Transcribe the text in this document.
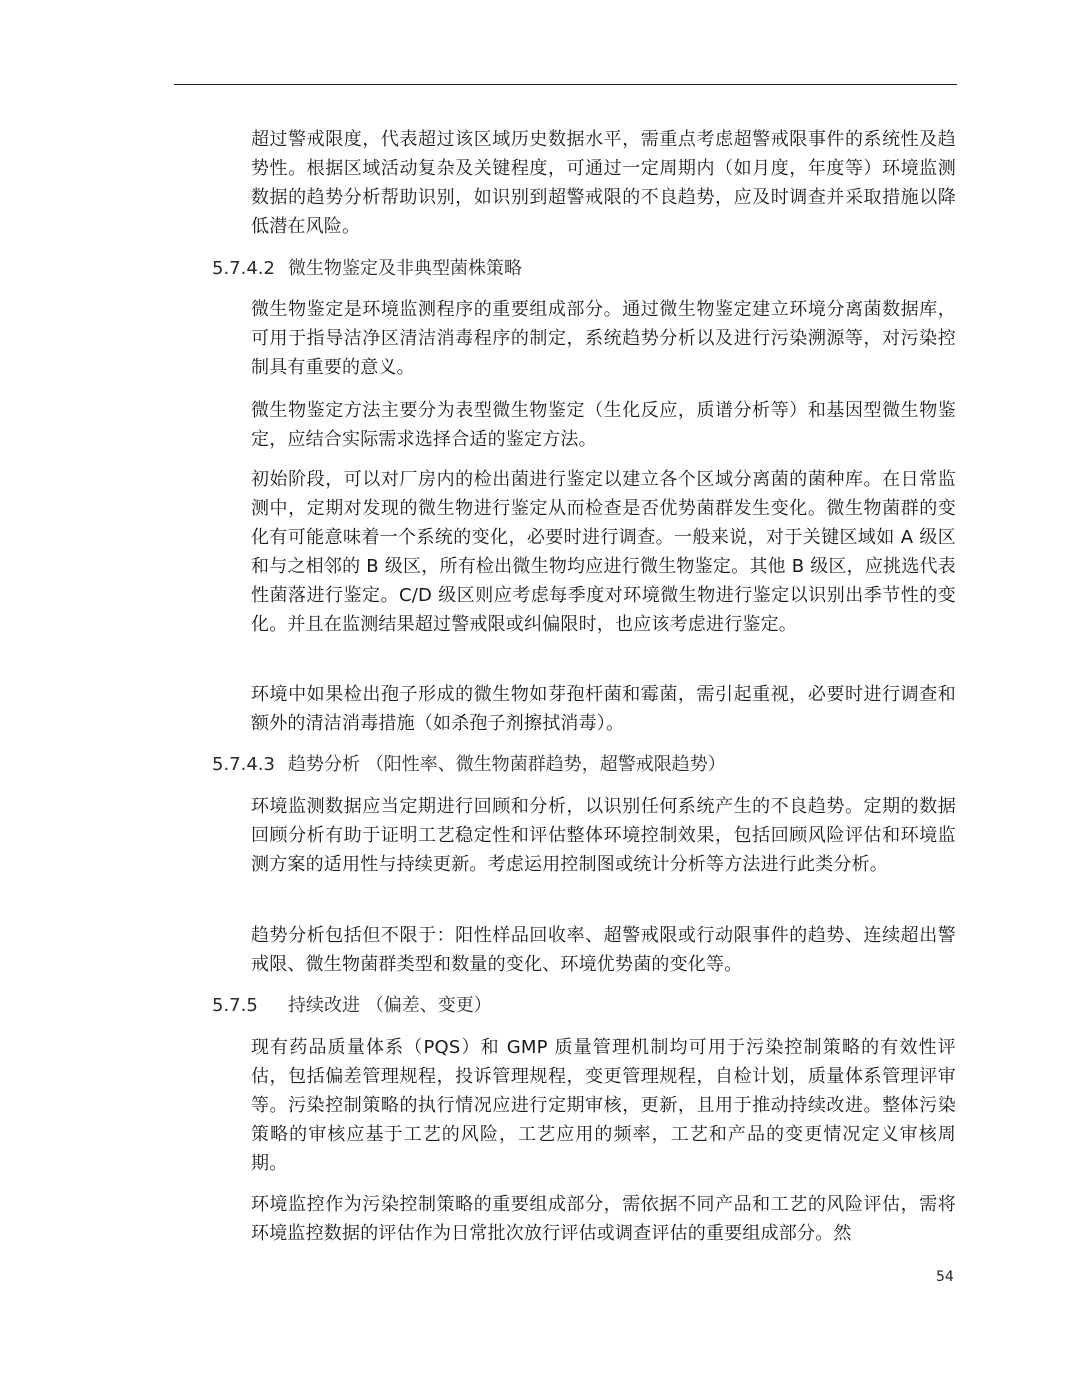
超过警戒限度，代表超过该区域历史数据水平，需重点考虑超警戒限事件的系统性及趋势性。根据区域活动复杂及关键程度，可通过一定周期内（如月度，年度等）环境监测数据的趋势分析帮助识别，如识别到超警戒限的不良趋势，应及时调查并采取措施以降低潜在风险。

5.7.4.2 微生物鉴定及非典型菌株策略

微生物鉴定是环境监测程序的重要组成部分。通过微生物鉴定建立环境分离菌数据库，可用于指导洁净区清洁消毒程序的制定，系统趋势分析以及进行污染溯源等，对污染控制具有重要的意义。

微生物鉴定方法主要分为表型微生物鉴定（生化反应，质谱分析等）和基因型微生物鉴定，应结合实际需求选择合适的鉴定方法。

初始阶段，可以对厂房内的检出菌进行鉴定以建立各个区域分离菌的菌种库。在日常监测中，定期对发现的微生物进行鉴定从而检查是否优势菌群发生变化。微生物菌群的变化有可能意味着一个系统的变化，必要时进行调查。一般来说，对于关键区域如 A 级区和与之相邻的 B 级区，所有检出微生物均应进行微生物鉴定。其他 B 级区，应挑选代表性菌落进行鉴定。C/D 级区则应考虑每季度对环境微生物进行鉴定以识别出季节性的变化。并且在监测结果超过警戒限或纠偏限时，也应该考虑进行鉴定。

环境中如果检出孢子形成的微生物如芽孢杆菌和霉菌，需引起重视，必要时进行调查和额外的清洁消毒措施（如杀孢子剂擦拭消毒）。

5.7.4.3 趋势分析 （阳性率、微生物菌群趋势，超警戒限趋势）

环境监测数据应当定期进行回顾和分析，以识别任何系统产生的不良趋势。定期的数据回顾分析有助于证明工艺稳定性和评估整体环境控制效果，包括回顾风险评估和环境监测方案的适用性与持续更新。考虑运用控制图或统计分析等方法进行此类分析。

趋势分析包括但不限于：阳性样品回收率、超警戒限或行动限事件的趋势、连续超出警戒限、微生物菌群类型和数量的变化、环境优势菌的变化等。

5.7.5 持续改进 （偏差、变更）

现有药品质量体系（PQS）和 GMP 质量管理机制均可用于污染控制策略的有效性评估，包括偏差管理规程，投诉管理规程，变更管理规程，自检计划，质量体系管理评审等。污染控制策略的执行情况应进行定期审核，更新，且用于推动持续改进。整体污染策略的审核应基于工艺的风险，工艺应用的频率，工艺和产品的变更情况定义审核周期。

环境监控作为污染控制策略的重要组成部分，需依据不同产品和工艺的风险评估，需将环境监控数据的评估作为日常批次放行评估或调查评估的重要组成部分。然

54
